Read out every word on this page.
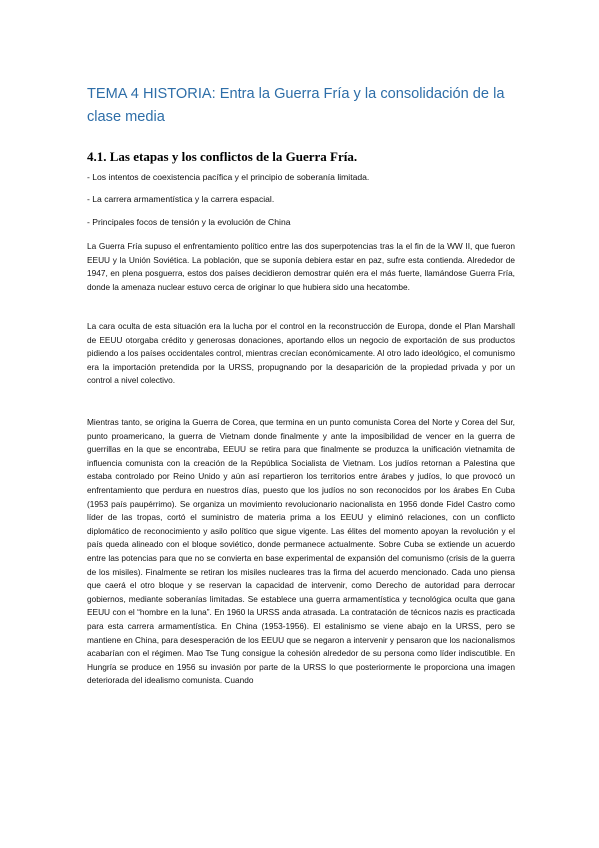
TEMA 4 HISTORIA: Entra la Guerra Fría y la consolidación de la clase media
4.1. Las etapas y los conflictos de la Guerra Fría.
- Los intentos de coexistencia pacífica y el principio de soberanía limitada.
- La carrera armamentística y la carrera espacial.
- Principales focos de tensión y la evolución de China

La Guerra Fría supuso el enfrentamiento político entre las dos superpotencias tras la el fin de la WW II, que fueron EEUU y la Unión Soviética. La población, que se suponía debiera estar en paz, sufre esta contienda. Alrededor de 1947, en plena posguerra, estos dos países decidieron demostrar quién era el más fuerte, llamándose Guerra Fría, donde la amenaza nuclear estuvo cerca de originar lo que hubiera sido una hecatombe.

La cara oculta de esta situación era la lucha por el control en la reconstrucción de Europa, donde el Plan Marshall de EEUU otorgaba crédito y generosas donaciones, aportando ellos un negocio de exportación de sus productos pidiendo a los países occidentales control, mientras crecían económicamente. Al otro lado ideológico, el comunismo era la importación pretendida por la URSS, propugnando por la desaparición de la propiedad privada y por un control a nivel colectivo.

Mientras tanto, se origina la Guerra de Corea, que termina en un punto comunista Corea del Norte y Corea del Sur, punto proamericano, la guerra de Vietnam donde finalmente y ante la imposibilidad de vencer en la guerra de guerrillas en la que se encontraba, EEUU se retira para que finalmente se produzca la unificación vietnamita de influencia comunista con la creación de la República Socialista de Vietnam. Los judíos retornan a Palestina que estaba controlado por Reino Unido y aún así repartieron los territorios entre árabes y judíos, lo que provocó un enfrentamiento que perdura en nuestros días, puesto que los judíos no son reconocidos por los árabes En Cuba (1953 país paupérrimo). Se organiza un movimiento revolucionario nacionalista en 1956 donde Fidel Castro como líder de las tropas, cortó el suministro de materia prima a los EEUU y eliminó relaciones, con un conflicto diplomático de reconocimiento y asilo político que sigue vigente. Las élites del momento apoyan la revolución y el país queda alineado con el bloque soviético, donde permanece actualmente. Sobre Cuba se extiende un acuerdo entre las potencias para que no se convierta en base experimental de expansión del comunismo (crisis de la guerra de los misiles). Finalmente se retiran los misiles nucleares tras la firma del acuerdo mencionado. Cada uno piensa que caerá el otro bloque y se reservan la capacidad de intervenir, como Derecho de autoridad para derrocar gobiernos, mediante soberanías limitadas. Se establece una guerra armamentística y tecnológica oculta que gana EEUU con el “hombre en la luna”. En 1960 la URSS anda atrasada. La contratación de técnicos nazis es practicada para esta carrera armamentística. En China (1953-1956). El estalinismo se viene abajo en la URSS, pero se mantiene en China, para desesperación de los EEUU que se negaron a intervenir y pensaron que los nacionalismos acabarían con el régimen. Mao Tse Tung consigue la cohesión alrededor de su persona como líder indiscutible. En Hungría se produce en 1956 su invasión por parte de la URSS lo que posteriormente le proporciona una imagen deteriorada del idealismo comunista. Cuando
